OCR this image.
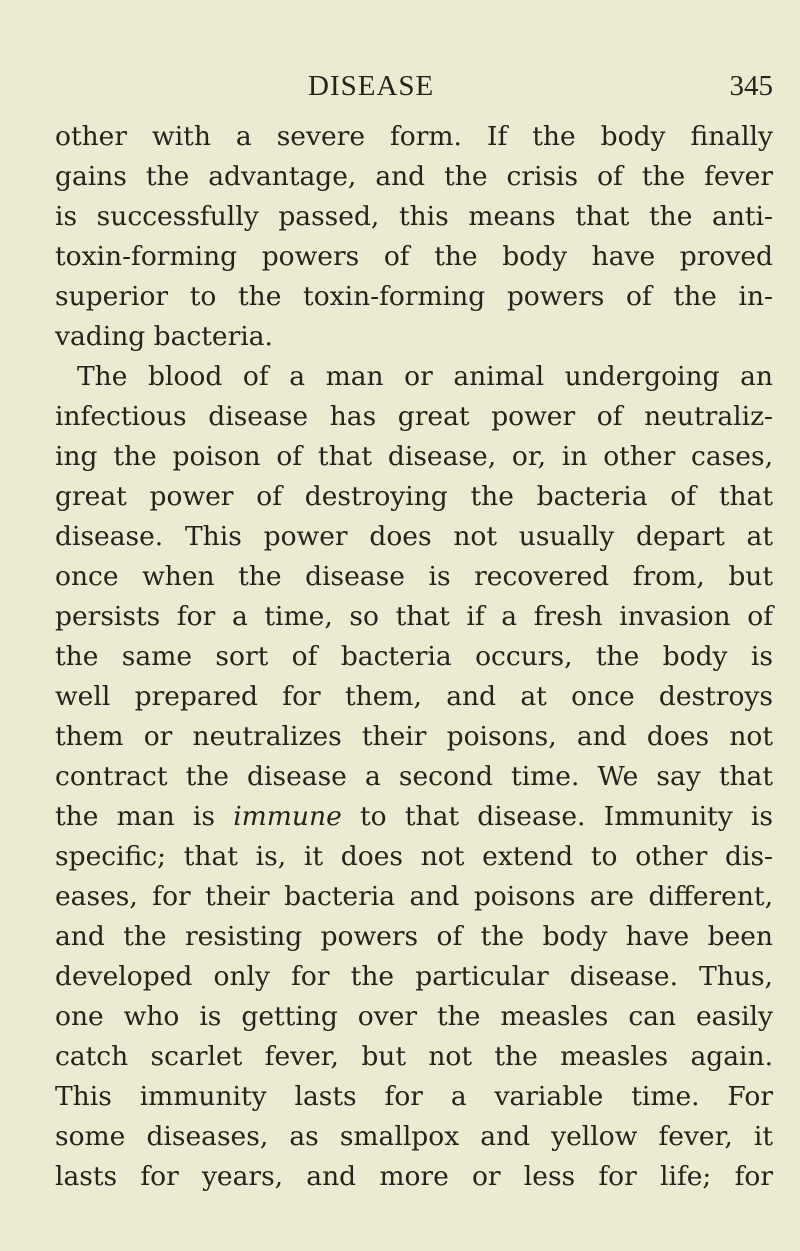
DISEASE	345
other with a severe form. If the body finally
gains the advantage, and the crisis of the fever
is successfully passed, this means that the anti-
toxin-forming powers of the body have proved
superior to the toxin-forming powers of the in-
vading bacteria.
The blood of a man or animal undergoing an
infectious disease has great power of neutraliz-
ing the poison of that disease, or, in other cases,
great power of destroying the bacteria of that
disease. This power does not usually depart at
once when the disease is recovered from, but
persists for a time, so that if a fresh invasion of
the same sort of bacteria occurs, the body is
well prepared for them, and at once destroys
them or neutralizes their poisons, and does not
contract the disease a second time. We say that
the man is immune to that disease. Immunity is
specific; that is, it does not extend to other dis-
eases, for their bacteria and poisons are different,
and the resisting powers of the body have been
developed only for the particular disease. Thus,
one who is getting over the measles can easily
catch scarlet fever, but not the measles again.
This immunity lasts for a variable time. For
some diseases, as smallpox and yellow fever, it
lasts for years, and more or less for life; for
